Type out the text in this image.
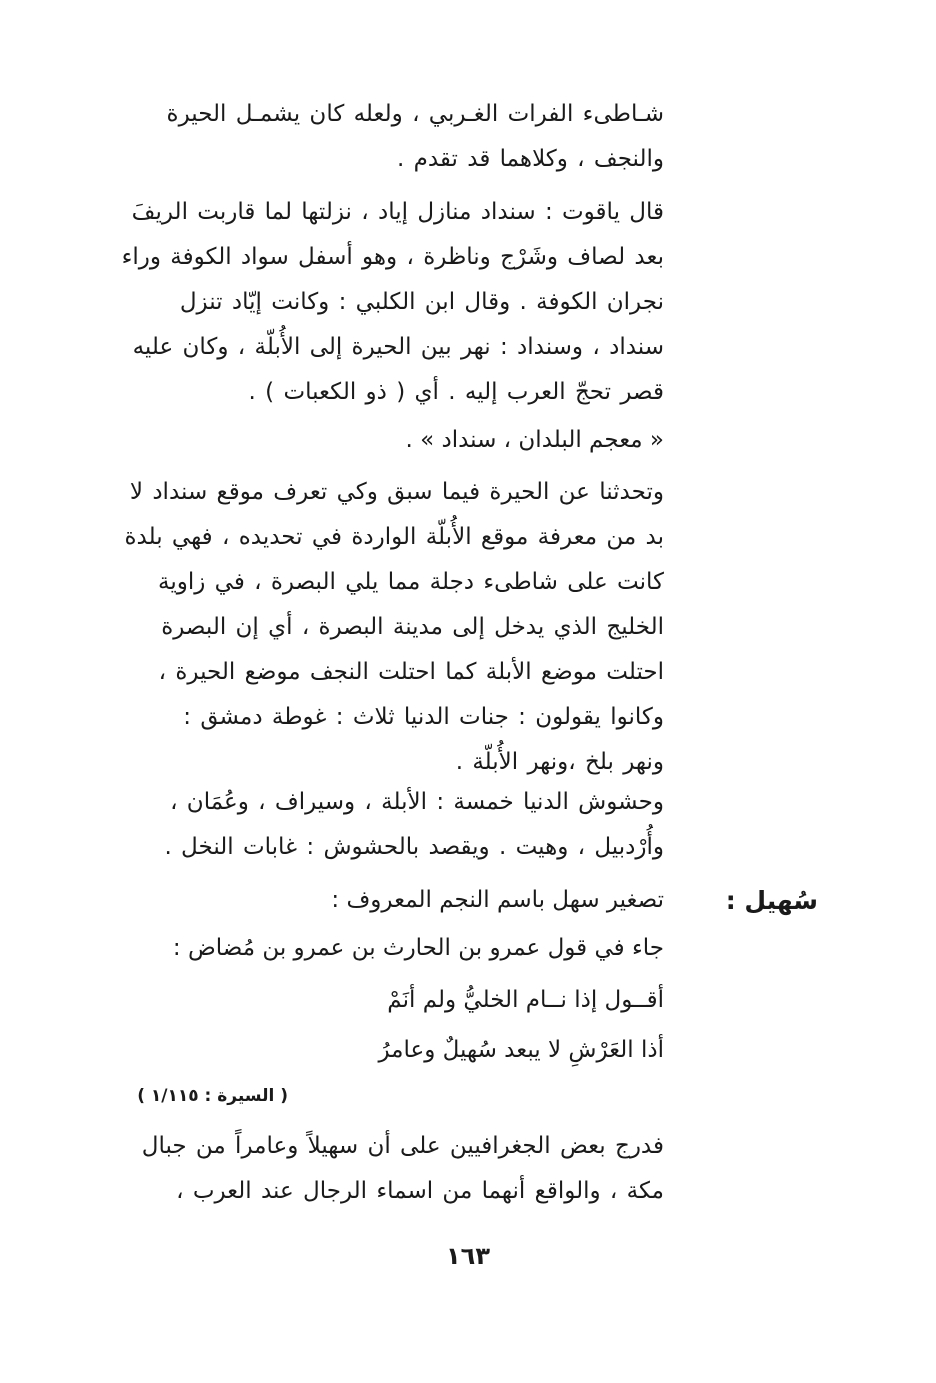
شـاطىء الفرات الغـربي ، ولعله كان يشمـل الحيرة
والنجف ، وكلاهما قد تقدم .
قال ياقوت : سنداد منازل إياد ، نزلتها لما قاربت الريفَ
بعد لصاف وشَرْج وناظرة ، وهو أسفل سواد الكوفة وراء
نجران الكوفة . وقال ابن الكلبي : وكانت إيّاد تنزل
سنداد ، وسنداد : نهر بين الحيرة إلى الأُبلّة ، وكان عليه
قصر تحجّ العرب إليه . أي ( ذو الكعبات ) .
« معجم البلدان ، سنداد » .
وتحدثنا عن الحيرة فيما سبق وكي تعرف موقع سنداد لا
بد من معرفة موقع الأُبلّة الواردة في تحديده ، فهي بلدة
كانت على شاطىء دجلة مما يلي البصرة ، في زاوية
الخليج الذي يدخل إلى مدينة البصرة ، أي إن البصرة
احتلت موضع الأبلة كما احتلت النجف موضع الحيرة ،
وكانوا يقولون : جنات الدنيا ثلاث : غوطة دمشق :
ونهر بلخ ،ونهر الأُبلّة .
وحشوش الدنيا خمسة : الأبلة ، وسيراف ، وعُمَان ،
وأُرْدبيل ، وهيت . ويقصد بالحشوش : غابات النخل .
سُهيل :
تصغير سهل باسم النجم المعروف :
جاء في قول عمرو بن الحارث بن عمرو بن مُضاض :
أقــول إذا نــام الخليُّ ولم أنَمْ
أذا العَرْشِ لا يبعد سُهيلٌ وعامرُ
( السيرة : ١/١١٥ )
فدرج بعض الجغرافيين على أن سهيلاً وعامراً من جبال
مكة ، والواقع أنهما من اسماء الرجال عند العرب ،
١٦٣
